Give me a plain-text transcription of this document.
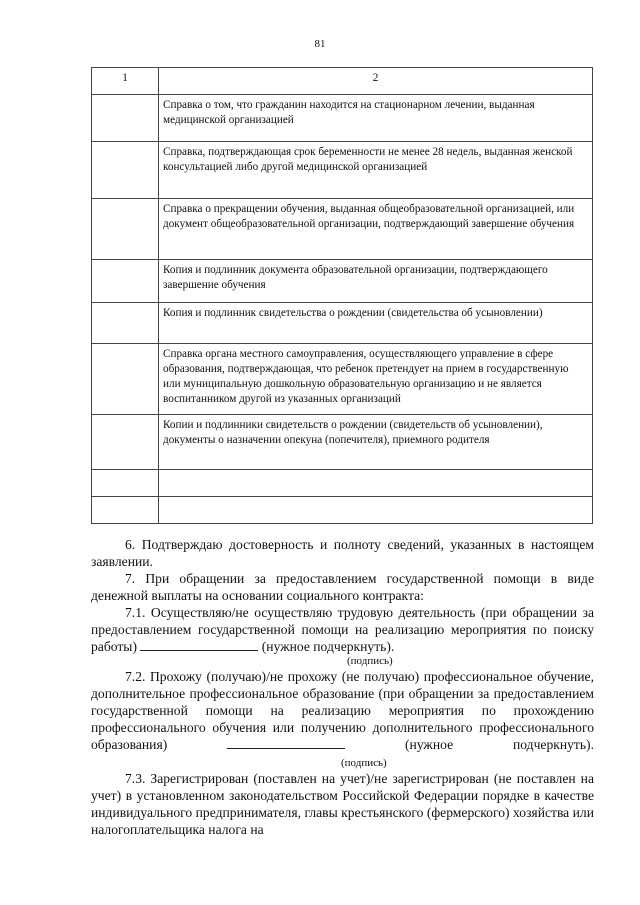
81
1	2
	Справка о том, что гражданин находится на стационарном лечении, выданная медицинской организацией
	Справка, подтверждающая срок беременности не менее 28 недель, выданная женской консультацией либо другой медицинской организацией
	Справка о прекращении обучения, выданная общеобразовательной организацией, или документ общеобразовательной организации, подтверждающий завершение обучения
	Копия и подлинник документа образовательной организации, подтверждающего завершение обучения
	Копия и подлинник свидетельства о рождении (свидетельства об усыновлении)
	Справка органа местного самоуправления, осуществляющего управление в сфере образования, подтверждающая, что ребенок претендует на прием в государственную или муниципальную дошкольную образовательную организацию и не является воспитанником другой из указанных организаций
	Копии и подлинники свидетельств о рождении (свидетельств об усыновлении), документы о назначении опекуна (попечителя), приемного родителя

6. Подтверждаю достоверность и полноту сведений, указанных в настоящем заявлении.

7. При обращении за предоставлением государственной помощи в виде денежной выплаты на основании социального контракта:

7.1. Осуществляю/не осуществляю трудовую деятельность (при обращении за предоставлением государственной помощи на реализацию мероприятия по поиску работы)	(нужное подчеркнуть).

(подпись)

7.2. Прохожу (получаю)/не прохожу (не получаю) профессиональное обучение, дополнительное профессиональное образование (при обращении за предоставлением государственной помощи на реализацию мероприятия по прохождению профессионального обучения или получению дополнительного профессионального образования)	(нужное подчеркнуть). (подпись)

7.3. Зарегистрирован (поставлен на учет)/не зарегистрирован (не поставлен на учет) в установленном законодательством Российской Федерации порядке в качестве индивидуального предпринимателя, главы крестьянского (фермерского) хозяйства или налогоплательщика налога на
